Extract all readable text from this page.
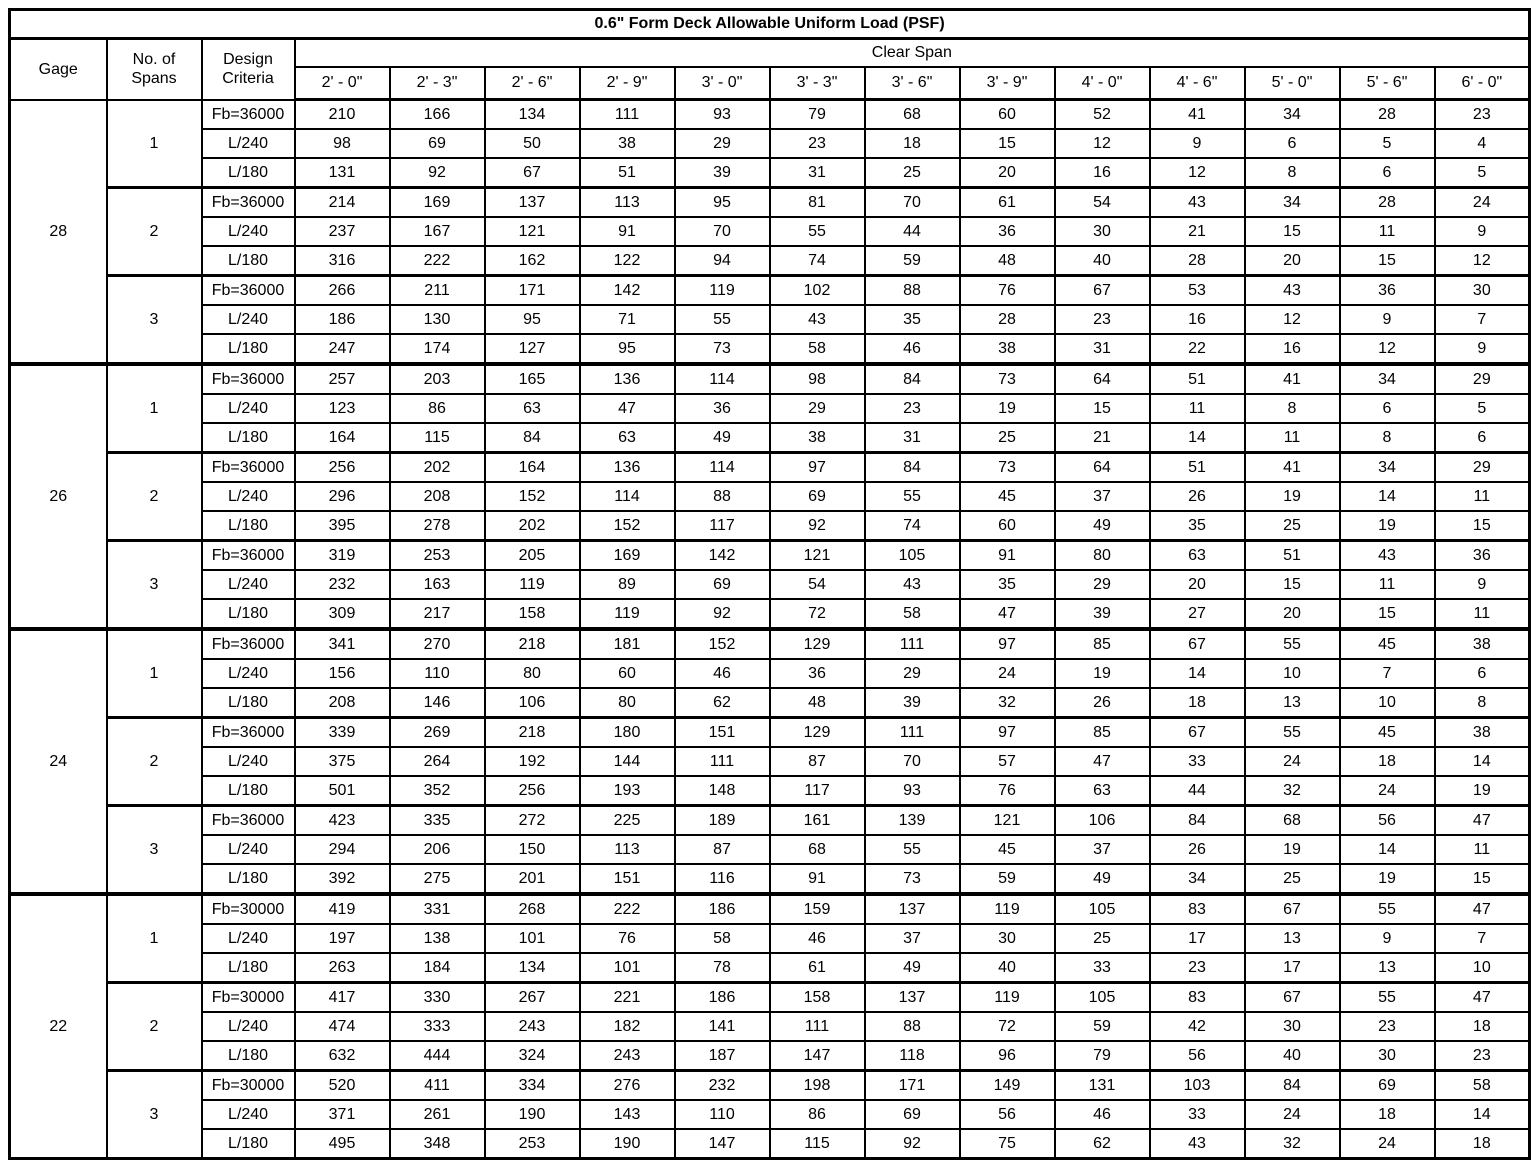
0.6" Form Deck Allowable Uniform Load (PSF)															
Gage	No. of Spans	Design Criteria	Clear Span												
			2' - 0"	2' - 3"	2' - 6"	2' - 9"	3' - 0"	3' - 3"	3' - 6"	3' - 9"	4' - 0"	4' - 6"	5' - 0"	5' - 6"	6' - 0"
28	1	Fb=36000	210	166	134	111	93	79	68	60	52	41	34	28	23
		L/240	98	69	50	38	29	23	18	15	12	9	6	5	4
		L/180	131	92	67	51	39	31	25	20	16	12	8	6	5
	2	Fb=36000	214	169	137	113	95	81	70	61	54	43	34	28	24
		L/240	237	167	121	91	70	55	44	36	30	21	15	11	9
		L/180	316	222	162	122	94	74	59	48	40	28	20	15	12
	3	Fb=36000	266	211	171	142	119	102	88	76	67	53	43	36	30
		L/240	186	130	95	71	55	43	35	28	23	16	12	9	7
		L/180	247	174	127	95	73	58	46	38	31	22	16	12	9
26	1	Fb=36000	257	203	165	136	114	98	84	73	64	51	41	34	29
		L/240	123	86	63	47	36	29	23	19	15	11	8	6	5
		L/180	164	115	84	63	49	38	31	25	21	14	11	8	6
	2	Fb=36000	256	202	164	136	114	97	84	73	64	51	41	34	29
		L/240	296	208	152	114	88	69	55	45	37	26	19	14	11
		L/180	395	278	202	152	117	92	74	60	49	35	25	19	15
	3	Fb=36000	319	253	205	169	142	121	105	91	80	63	51	43	36
		L/240	232	163	119	89	69	54	43	35	29	20	15	11	9
		L/180	309	217	158	119	92	72	58	47	39	27	20	15	11
24	1	Fb=36000	341	270	218	181	152	129	111	97	85	67	55	45	38
		L/240	156	110	80	60	46	36	29	24	19	14	10	7	6
		L/180	208	146	106	80	62	48	39	32	26	18	13	10	8
	2	Fb=36000	339	269	218	180	151	129	111	97	85	67	55	45	38
		L/240	375	264	192	144	111	87	70	57	47	33	24	18	14
		L/180	501	352	256	193	148	117	93	76	63	44	32	24	19
	3	Fb=36000	423	335	272	225	189	161	139	121	106	84	68	56	47
		L/240	294	206	150	113	87	68	55	45	37	26	19	14	11
		L/180	392	275	201	151	116	91	73	59	49	34	25	19	15
22	1	Fb=30000	419	331	268	222	186	159	137	119	105	83	67	55	47
		L/240	197	138	101	76	58	46	37	30	25	17	13	9	7
		L/180	263	184	134	101	78	61	49	40	33	23	17	13	10
	2	Fb=30000	417	330	267	221	186	158	137	119	105	83	67	55	47
		L/240	474	333	243	182	141	111	88	72	59	42	30	23	18
		L/180	632	444	324	243	187	147	118	96	79	56	40	30	23
	3	Fb=30000	520	411	334	276	232	198	171	149	131	103	84	69	58
		L/240	371	261	190	143	110	86	69	56	46	33	24	18	14
		L/180	495	348	253	190	147	115	92	75	62	43	32	24	18
